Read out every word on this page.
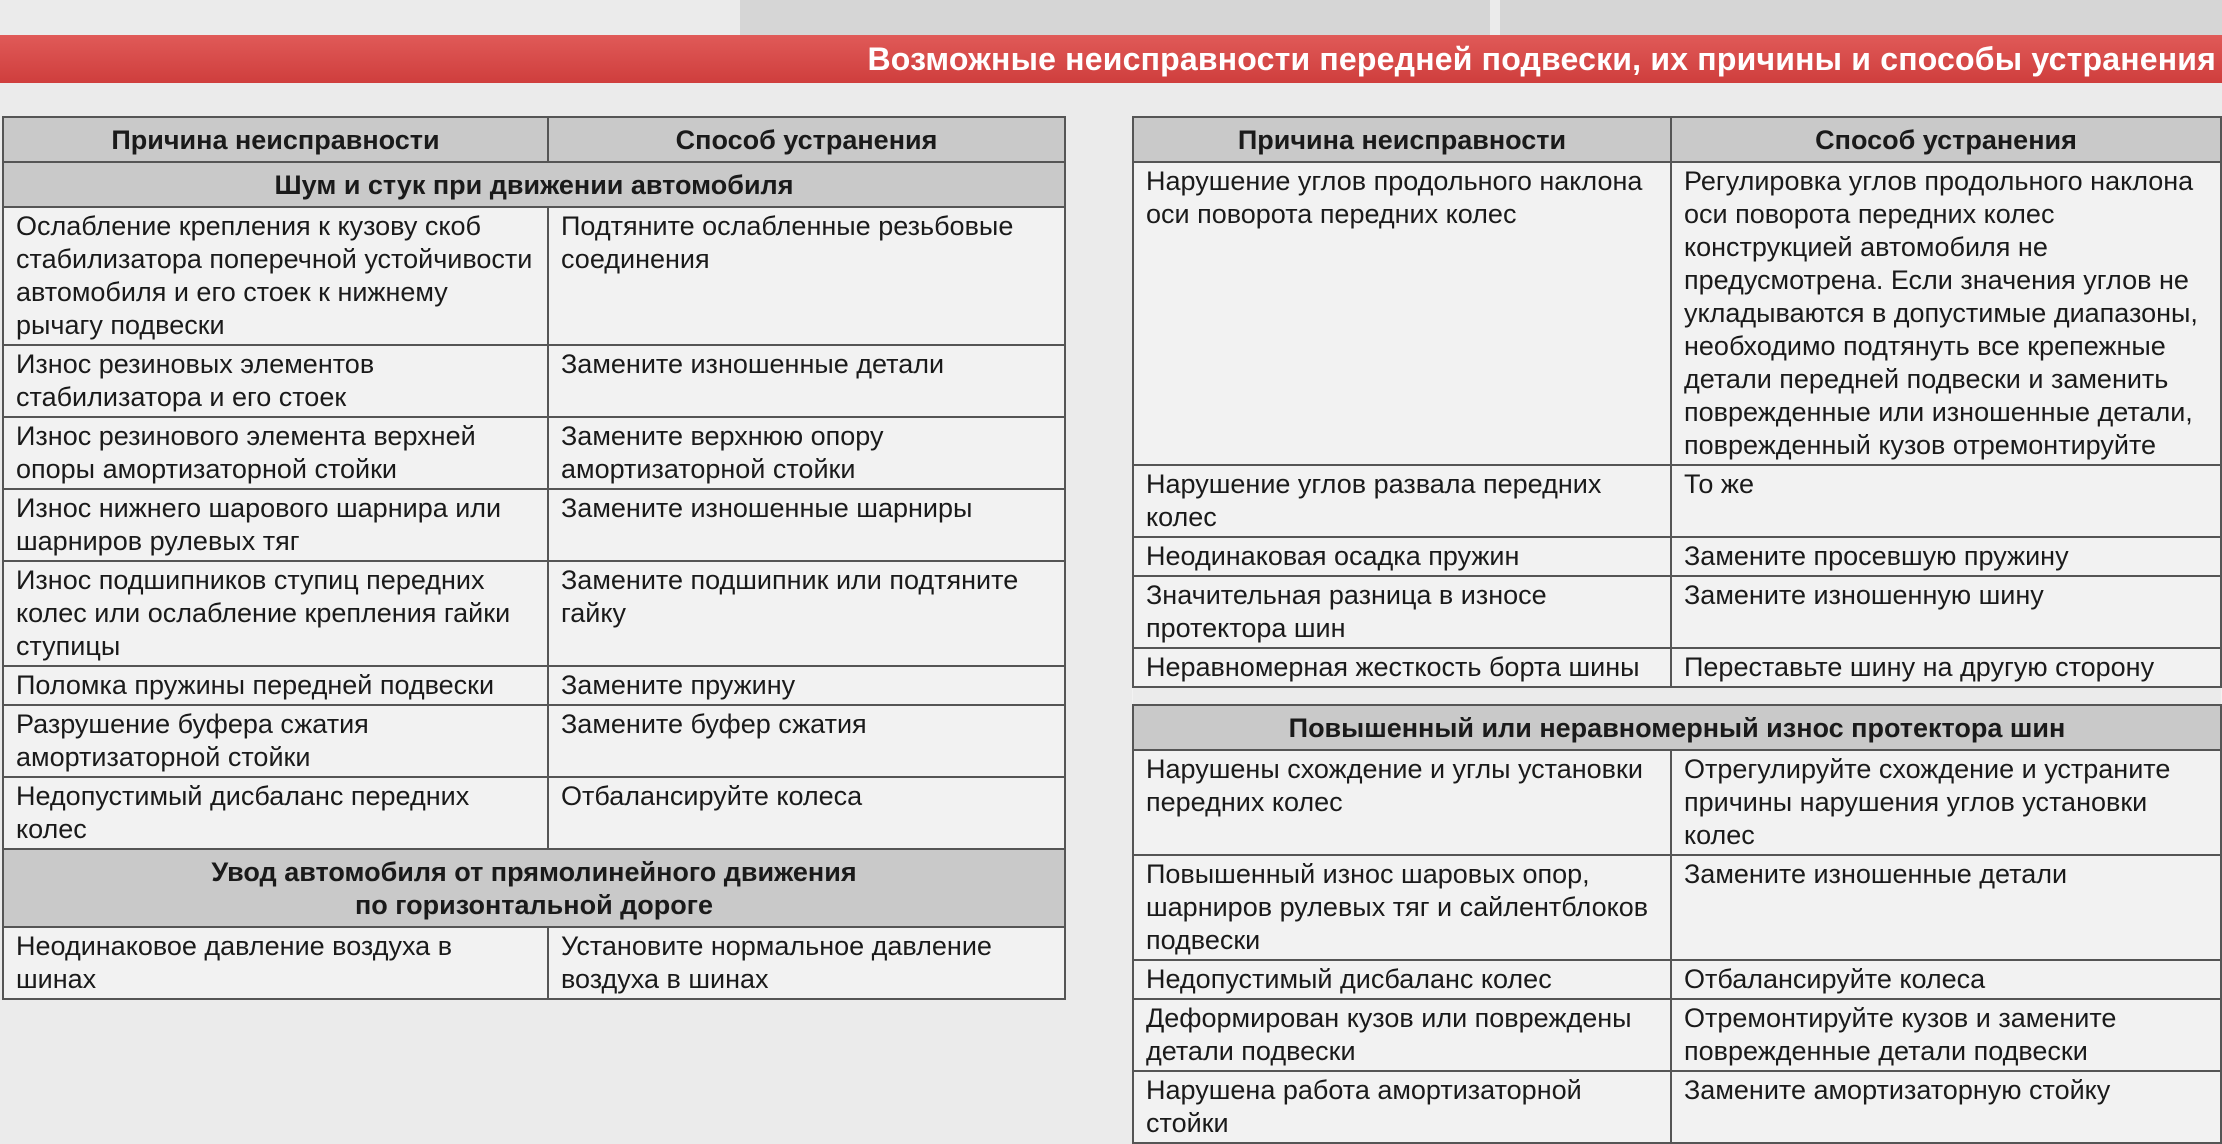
Возможные неисправности передней подвески, их причины и способы устранения
Причина неисправности	Способ устранения
Шум и стук при движении автомобиля	
Ослабление крепления к кузову скоб стабилизатора поперечной устойчивости автомобиля и его стоек к нижнему рычагу подвески	Подтяните ослабленные резьбовые соединения
Износ резиновых элементов стабилизатора и его стоек	Замените изношенные детали
Износ резинового элемента верхней опоры амортизаторной стойки	Замените верхнюю опору амортизаторной стойки
Износ нижнего шарового шарнира или шарниров рулевых тяг	Замените изношенные шарниры
Износ подшипников ступиц передних колес или ослабление крепления гайки ступицы	Замените подшипник или подтяните гайку
Поломка пружины передней подвески	Замените пружину
Разрушение буфера сжатия амортизаторной стойки	Замените буфер сжатия
Недопустимый дисбаланс передних колес	Отбалансируйте колеса

Увод автомобиля от прямолинейного движения
по горизонтальной дороге	

Неодинаковое давление воздуха в шинах	Установите нормальное давление воздуха в шинах
Причина неисправности	Способ устранения
Нарушение углов продольного наклона оси поворота передних колес	Регулировка углов продольного наклона оси поворота передних колес конструкцией автомобиля не предусмотрена. Если значения углов не укладываются в допустимые диапазоны, необходимо подтянуть все крепежные детали передней подвески и заменить поврежденные или изношенные детали, поврежденный кузов отремонтируйте
Нарушение углов развала передних колес	То же
Неодинаковая осадка пружин	Замените просевшую пружину
Значительная разница в износе протектора шин	Замените изношенную шину
Неравномерная жесткость борта шины	Переставьте шину на другую сторону

Повышенный или неравномерный износ протектора шин	
Нарушены схождение и углы установки передних колес	Отрегулируйте схождение и устраните причины нарушения углов установки колес
Повышенный износ шаровых опор, шарниров рулевых тяг и сайлентблоков подвески	Замените изношенные детали
Недопустимый дисбаланс колес	Отбалансируйте колеса
Деформирован кузов или повреждены детали подвески	Отремонтируйте кузов и замените поврежденные детали подвески
Нарушена работа амортизаторной стойки	Замените амортизаторную стойку
